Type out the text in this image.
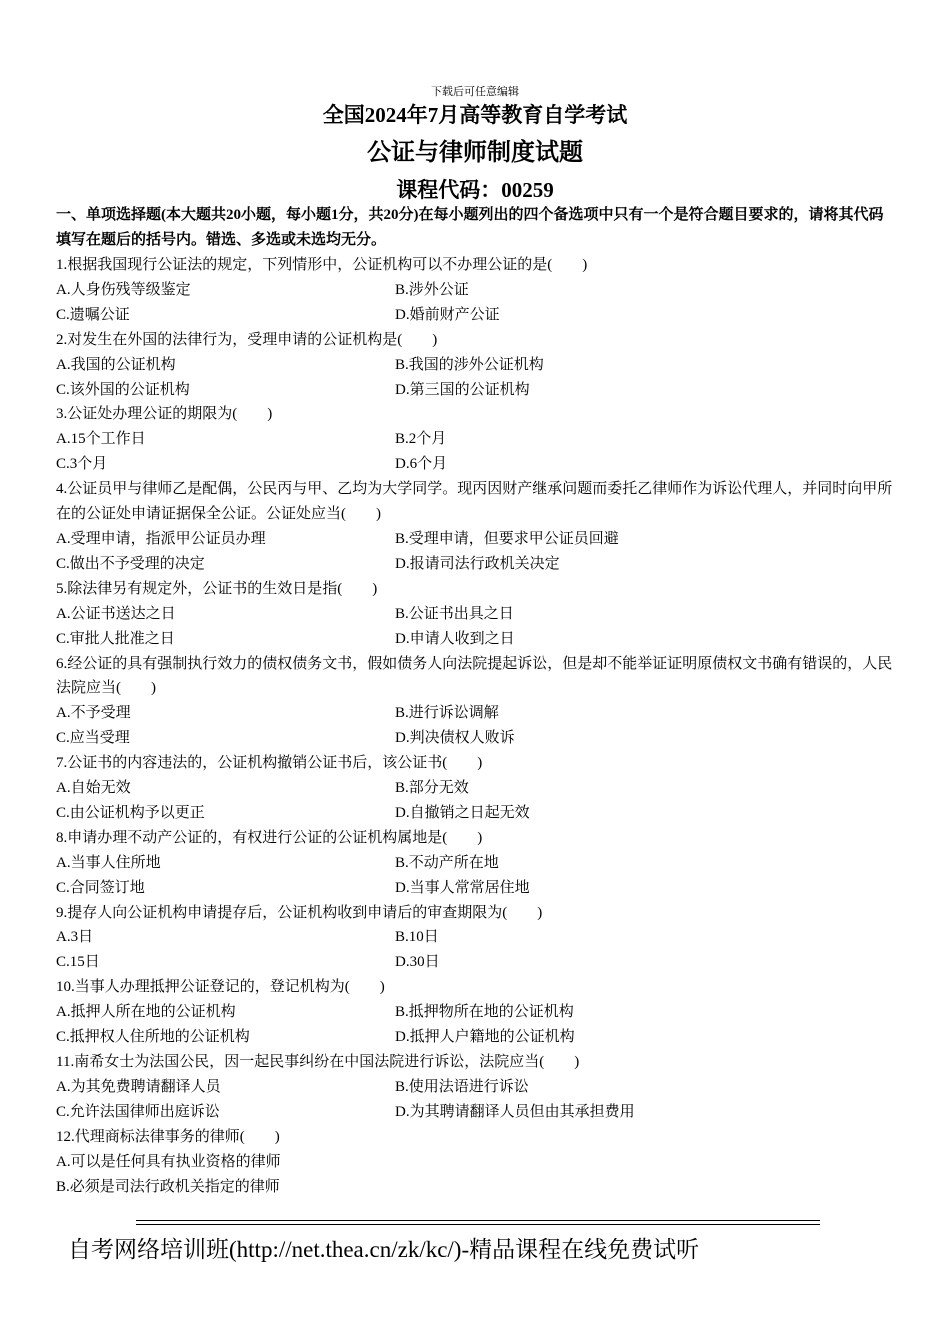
下载后可任意编辑
全国2024年7月高等教育自学考试
公证与律师制度试题
课程代码：00259
一、单项选择题(本大题共20小题，每小题1分，共20分)在每小题列出的四个备选项中只有一个是符合题目要求的，请将其代码填写在题后的括号内。错选、多选或未选均无分。
1.根据我国现行公证法的规定，下列情形中，公证机构可以不办理公证的是(　　)
A.人身伤残等级鉴定	B.涉外公证
C.遗嘱公证	D.婚前财产公证
2.对发生在外国的法律行为，受理申请的公证机构是(　　)
A.我国的公证机构	B.我国的涉外公证机构
C.该外国的公证机构	D.第三国的公证机构
3.公证处办理公证的期限为(　　)
A.15个工作日	B.2个月
C.3个月	D.6个月
4.公证员甲与律师乙是配偶，公民丙与甲、乙均为大学同学。现丙因财产继承问题而委托乙律师作为诉讼代理人，并同时向甲所在的公证处申请证据保全公证。公证处应当(　　)
A.受理申请，指派甲公证员办理	B.受理申请，但要求甲公证员回避
C.做出不予受理的决定	D.报请司法行政机关决定
5.除法律另有规定外，公证书的生效日是指(　　)
A.公证书送达之日	B.公证书出具之日
C.审批人批准之日	D.申请人收到之日
6.经公证的具有强制执行效力的债权债务文书，假如债务人向法院提起诉讼，但是却不能举证证明原债权文书确有错误的，人民法院应当(　　)
A.不予受理	B.进行诉讼调解
C.应当受理	D.判决债权人败诉
7.公证书的内容违法的，公证机构撤销公证书后，该公证书(　　)
A.自始无效	B.部分无效
C.由公证机构予以更正	D.自撤销之日起无效
8.申请办理不动产公证的，有权进行公证的公证机构属地是(　　)
A.当事人住所地	B.不动产所在地
C.合同签订地	D.当事人常常居住地
9.提存人向公证机构申请提存后，公证机构收到申请后的审查期限为(　　)
A.3日	B.10日
C.15日	D.30日
10.当事人办理抵押公证登记的，登记机构为(　　)
A.抵押人所在地的公证机构	B.抵押物所在地的公证机构
C.抵押权人住所地的公证机构	D.抵押人户籍地的公证机构
11.南希女士为法国公民，因一起民事纠纷在中国法院进行诉讼，法院应当(　　)
A.为其免费聘请翻译人员	B.使用法语进行诉讼
C.允许法国律师出庭诉讼	D.为其聘请翻译人员但由其承担费用
12.代理商标法律事务的律师(　　)
A.可以是任何具有执业资格的律师
B.必须是司法行政机关指定的律师
自考网络培训班(http://net.thea.cn/zk/kc/)-精品课程在线免费试听
